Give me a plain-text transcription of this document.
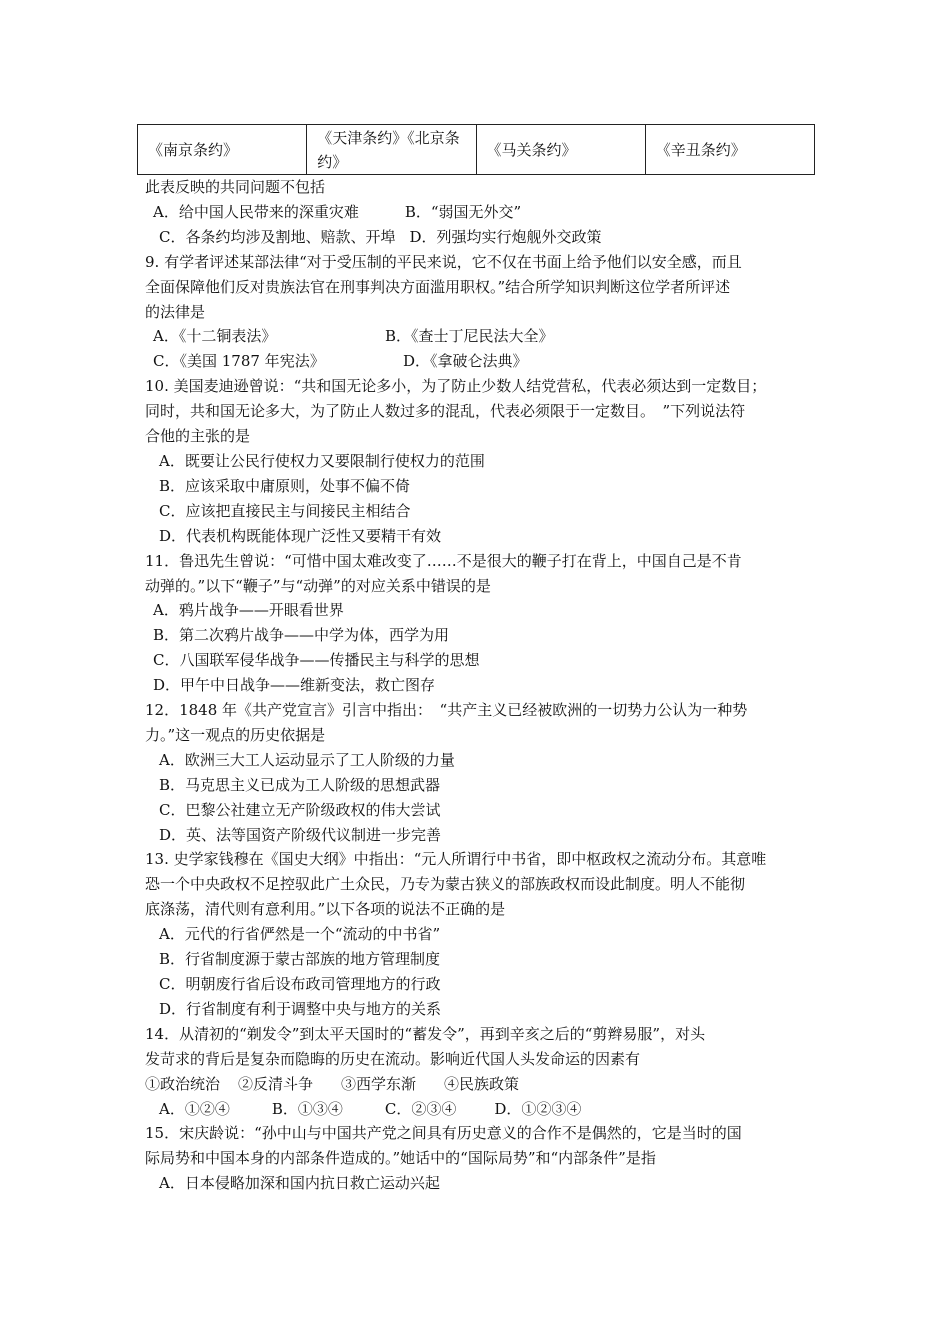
《南京条约》	《天津条约》《北京条约》	《马关条约》	《辛丑条约》
此表反映的共同问题不包括
A．给中国人民带来的深重灾难	B．“弱国无外交”
C．各条约均涉及割地、赔款、开埠 D．列强均实行炮舰外交政策
9. 有学者评述某部法律“对于受压制的平民来说，它不仅在书面上给予他们以安全感，而且
全面保障他们反对贵族法官在刑事判决方面滥用职权。”结合所学知识判断这位学者所评述
的法律是
A．《十二铜表法》	B．《查士丁尼民法大全》
C．《美国 1787 年宪法》	D．《拿破仑法典》
10. 美国麦迪逊曾说：“共和国无论多小，为了防止少数人结党营私，代表必须达到一定数目；
同时，共和国无论多大，为了防止人数过多的混乱，代表必须限于一定数目。　”下列说法符
合他的主张的是
A．既要让公民行使权力又要限制行使权力的范围
B．应该采取中庸原则，处事不偏不倚
C．应该把直接民主与间接民主相结合
D．代表机构既能体现广泛性又要精干有效
11．鲁迅先生曾说：“可惜中国太难改变了……不是很大的鞭子打在背上，中国自己是不肯
动弹的。”以下“鞭子”与“动弹”的对应关系中错误的是
A．鸦片战争——开眼看世界
B．第二次鸦片战争——中学为体，西学为用
C．八国联军侵华战争——传播民主与科学的思想
D．甲午中日战争——维新变法，救亡图存
12．1848 年《共产党宣言》引言中指出：　“共产主义已经被欧洲的一切势力公认为一种势
力。”这一观点的历史依据是
A．欧洲三大工人运动显示了工人阶级的力量
B．马克思主义已成为工人阶级的思想武器
C．巴黎公社建立无产阶级政权的伟大尝试
D．英、法等国资产阶级代议制进一步完善
13. 史学家钱穆在《国史大纲》中指出：“元人所谓行中书省，即中枢政权之流动分布。其意唯
恐一个中央政权不足控驭此广土众民，乃专为蒙古狭义的部族政权而设此制度。明人不能彻
底涤荡，清代则有意利用。”以下各项的说法不正确的是
A．元代的行省俨然是一个“流动的中书省”
B．行省制度源于蒙古部族的地方管理制度
C．明朝废行省后设布政司管理地方的行政
D．行省制度有利于调整中央与地方的关系
14．从清初的“剃发令”到太平天国时的“蓄发令”，再到辛亥之后的“剪辫易服”，对头
发苛求的背后是复杂而隐晦的历史在流动。影响近代国人头发命运的因素有
①政治统治 ②反清斗争 ③西学东渐 ④民族政策
A．①②④	B．①③④	C．②③④	D．①②③④
15．宋庆龄说：“孙中山与中国共产党之间具有历史意义的合作不是偶然的，它是当时的国
际局势和中国本身的内部条件造成的。”她话中的“国际局势”和“内部条件”是指
A．日本侵略加深和国内抗日救亡运动兴起
